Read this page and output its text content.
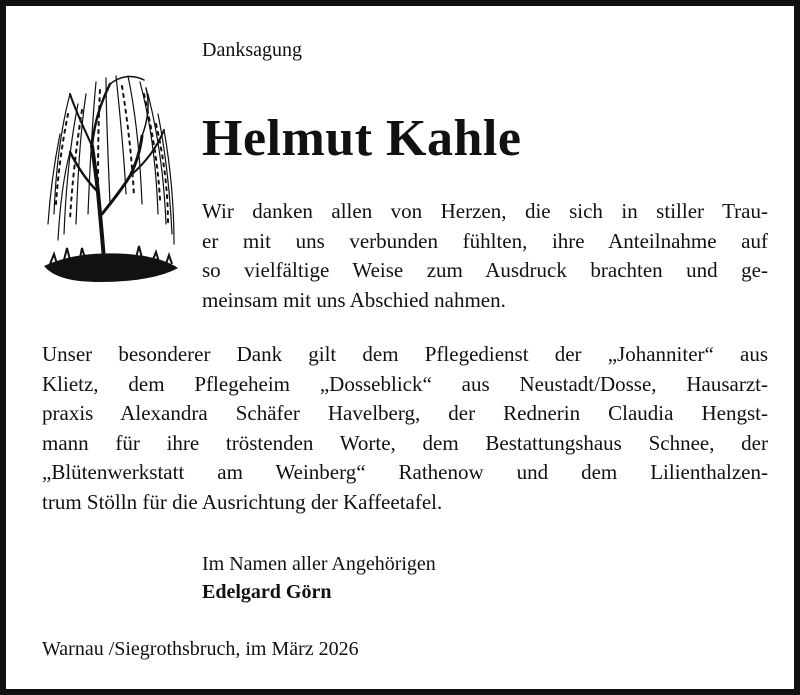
Danksagung
Helmut Kahle
Wir danken allen von Herzen, die sich in stiller Trau-
er mit uns verbunden fühlten, ihre Anteilnahme auf
so vielfältige Weise zum Ausdruck brachten und ge-
meinsam mit uns Abschied nahmen.
Unser besonderer Dank gilt dem Pflegedienst der „Johanniter“ aus
Klietz, dem Pflegeheim „Dosseblick“ aus Neustadt/Dosse, Hausarzt-
praxis Alexandra Schäfer Havelberg, der Rednerin Claudia Hengst-
mann für ihre tröstenden Worte, dem Bestattungshaus Schnee, der
„Blütenwerkstatt am Weinberg“ Rathenow und dem Lilienthalzen-
trum Stölln für die Ausrichtung der Kaffeetafel.
Im Namen aller Angehörigen
Edelgard Görn
Warnau /Siegrothsbruch, im März 2026
